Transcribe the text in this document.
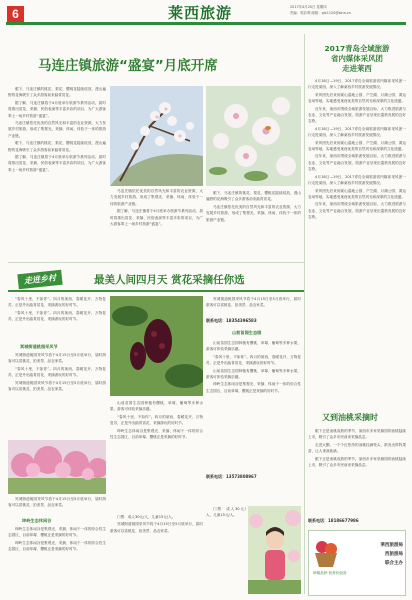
6	莱西旅游	2017年4月20日 星期四
责编：郭彩利 邮箱：glx1120@sina.cn
马连庄镇旅游“盛宴”月底开席

眼下，马连庄镇的桃花、梨花、樱桃花陆续绽放，漫山遍野的花海吸引了众多游客前来踏青赏花。

据了解，马连庄镇将于4月底举办旅游节系列活动，届时将推出赏花、采摘、民俗表演等丰富多彩的项目，为广大游客奉上一场乡村旅游“盛宴”。

马连庄镇依托优美的自然风光和丰富的农业资源，大力发展乡村旅游，形成了集观光、采摘、休闲、体验于一体的旅游产业链。

眼下，马连庄镇的桃花、梨花、樱桃花陆续绽放，漫山遍野的花海吸引了众多游客前来踏青赏花。

据了解，马连庄镇将于4月底举办旅游节系列活动，届时将推出赏花、采摘、民俗表演等丰富多彩的项目，为广大游客奉上一场乡村旅游“盛宴”。

马连庄镇依托优美的自然风光和丰富的农业资源，大力发展乡村旅游，形成了集观光、采摘、休闲、体验于一体的旅游产业链。

据了解，马连庄镇将于4月底举办旅游节系列活动，届时将推出赏花、采摘、民俗表演等丰富多彩的项目，为广大游客奉上一场乡村旅游“盛宴”。

眼下，马连庄镇的桃花、梨花、樱桃花陆续绽放，漫山遍野的花海吸引了众多游客前来踏青赏花。

马连庄镇依托优美的自然风光和丰富的农业资源，大力发展乡村旅游，形成了集观光、采摘、休闲、体验于一体的旅游产业链。

2017青岛全域旅游
省内媒体采风团
走进莱西

4月18日—19日，2017青岛全域旅游省内媒体采风团一行走进莱西，深入了解莱西乡村旅游发展情况。

采风团先后来到姜山湿地公园、产芝湖、月湖公园、鸿运农场等地，实地感受莱西优美的自然风光和深厚的文化底蕴。

近年来，莱西市围绕全域旅游发展目标，大力推进旅游与农业、文化等产业融合发展，旅游产业呈现出蓬勃发展的良好态势。

4月18日—19日，2017青岛全域旅游省内媒体采风团一行走进莱西，深入了解莱西乡村旅游发展情况。

采风团先后来到姜山湿地公园、产芝湖、月湖公园、鸿运农场等地，实地感受莱西优美的自然风光和深厚的文化底蕴。

近年来，莱西市围绕全域旅游发展目标，大力推进旅游与农业、文化等产业融合发展，旅游产业呈现出蓬勃发展的良好态势。

4月18日—19日，2017青岛全域旅游省内媒体采风团一行走进莱西，深入了解莱西乡村旅游发展情况。

采风团先后来到姜山湿地公园、产芝湖、月湖公园、鸿运农场等地，实地感受莱西优美的自然风光和深厚的文化底蕴。

近年来，莱西市围绕全域旅游发展目标，大力推进旅游与农业、文化等产业融合发展，旅游产业呈现出蓬勃发展的良好态势。

走进乡村	最美人间四月天 赏花采摘任你选

“春风十里，不如你”。四月的莱西，春暖花开，万物复苏，正是外出踏青赏花、采摘游玩的好时节。

“春风十里，不如你”。四月的莱西，春暖花开，万物复苏，正是外出踏青赏花、采摘游玩的好时节。

冥城街道桃园采风节

冥城街道桃园采风节将于4月15日至5月底举行，届时游客可以赏桃花、拍美景、品农家菜。

“春风十里，不如你”。四月的莱西，春暖花开，万物复苏，正是外出踏青赏花、采摘游玩的好时节。

冥城街道桃园采风节将于4月15日至5月底举行，届时游客可以赏桃花、拍美景、品农家菜。

冥城街道桃园采风节将于4月15日至5月底举行，届时游客可以赏桃花、拍美景、品农家菜。

坤岭生态休闲谷

坤岭生态休闲谷是集观光、采摘、休闲于一体的综合性生态园区，目前草莓、樱桃正是采摘的好时节。

坤岭生态休闲谷是集观光、采摘、休闲于一体的综合性生态园区，目前草莓、樱桃正是采摘的好时节。

山前苗园生态园种植有樱桃、草莓、葡萄等多种水果，游客可体验采摘乐趣。

“春风十里，不如你”。四月的莱西，春暖花开，万物复苏，正是外出踏青赏花、采摘游玩的好时节。

坤岭生态休闲谷是集观光、采摘、休闲于一体的综合性生态园区，目前草莓、樱桃正是采摘的好时节。

门票：成人30元/人，儿童15元/人。

冥城街道桃园采风节将于4月15日至5月底举行，届时游客可以赏桃花、拍美景、品农家菜。

冥城街道桃园采风节将于4月15日至5月底举行，届时游客可以赏桃花、拍美景、品农家菜。

联系电话：18354396583
山前苗园生态园

山前苗园生态园种植有樱桃、草莓、葡萄等多种水果，游客可体验采摘乐趣。

“春风十里，不如你”。四月的莱西，春暖花开，万物复苏，正是外出踏青赏花、采摘游玩的好时节。

山前苗园生态园种植有樱桃、草莓、葡萄等多种水果，游客可体验采摘乐趣。

坤岭生态休闲谷是集观光、采摘、休闲于一体的综合性生态园区，目前草莓、樱桃正是采摘的好时节。

联系电话：13573808967

门票：成人30元/人，儿童15元/人。

又到油桃采摘时

眼下正是油桃成熟的季节，莱西市多家采摘园的油桃陆续上市，吸引了众多市民前来采摘品尝。

走进大棚，一个个红彤彤的油桃挂满枝头，散发出阵阵果香，让人垂涎欲滴。

眼下正是油桃成熟的季节，莱西市多家采摘园的油桃陆续上市，吸引了众多市民前来采摘品尝。

联系电话：18186677986
珍稀品种 营养价值高
莱西旅游局
西旅游局
联合主办
